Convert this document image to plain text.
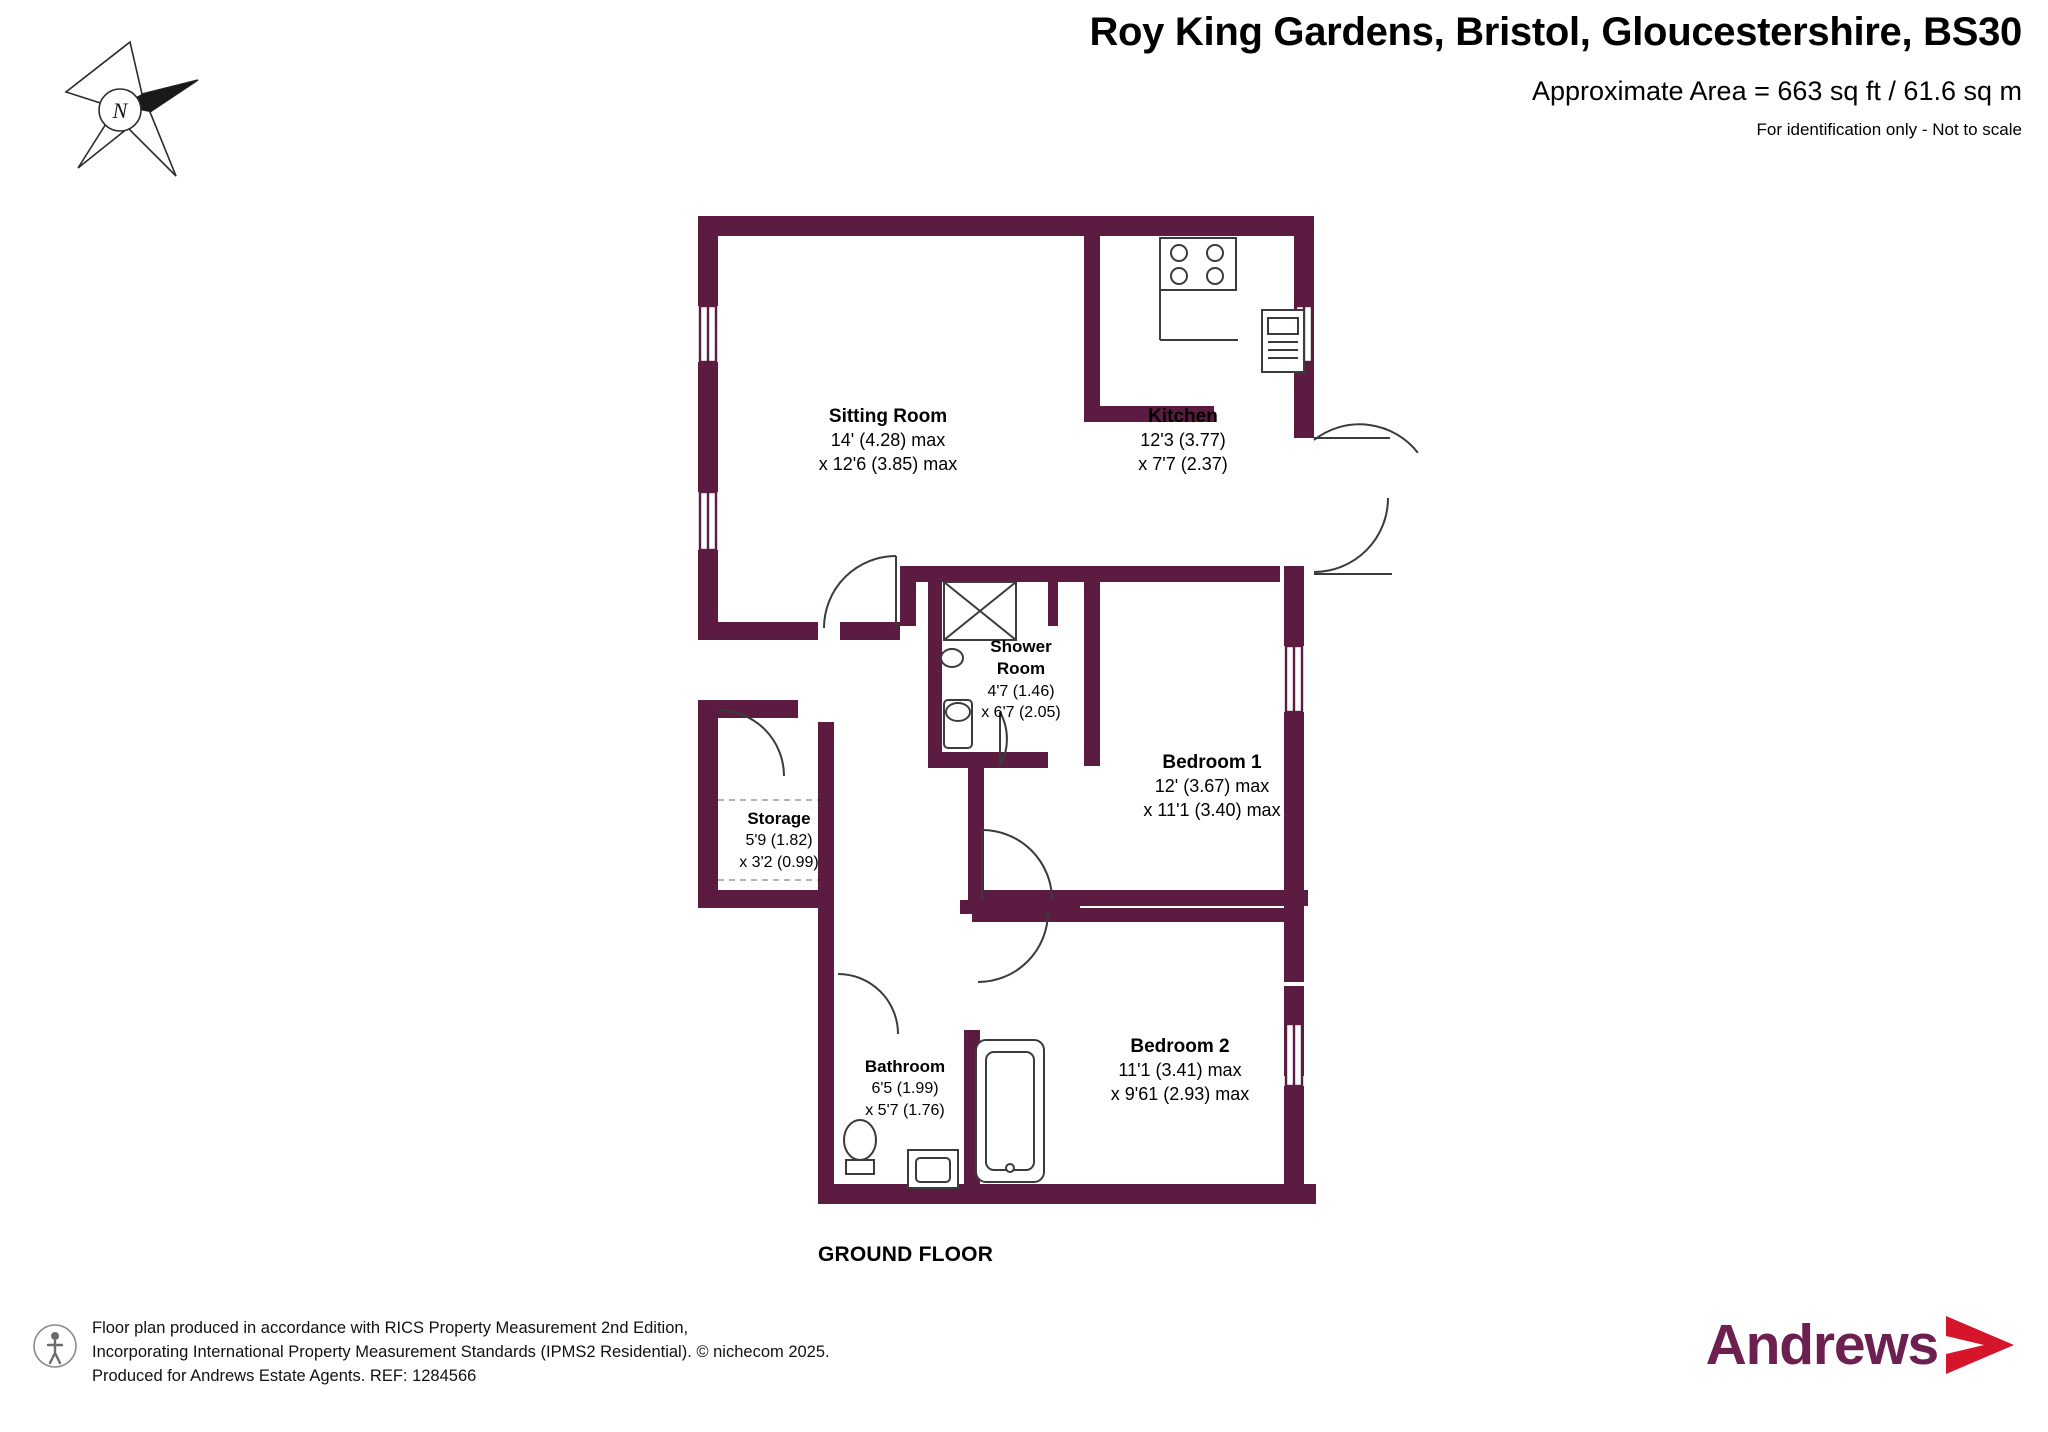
Roy King Gardens, Bristol, Gloucestershire, BS30
Approximate Area = 663 sq ft / 61.6 sq m
For identification only - Not to scale
N
Sitting Room
14' (4.28) max
x 12'6 (3.85) max
Kitchen
12'3 (3.77)
x 7'7 (2.37)
Shower
Room
4'7 (1.46)
x 6'7 (2.05)
Bedroom 1
12' (3.67) max
x 11'1 (3.40) max
Storage
5'9 (1.82)
x 3'2 (0.99)
Bedroom 2
11'1 (3.41) max
x 9'61 (2.93) max
Bathroom
6'5 (1.99)
x 5'7 (1.76)
GROUND FLOOR
Floor plan produced in accordance with RICS Property Measurement 2nd Edition,
Incorporating International Property Measurement Standards (IPMS2 Residential). © nichecom 2025.
Produced for Andrews Estate Agents. REF: 1284566	Andrews
